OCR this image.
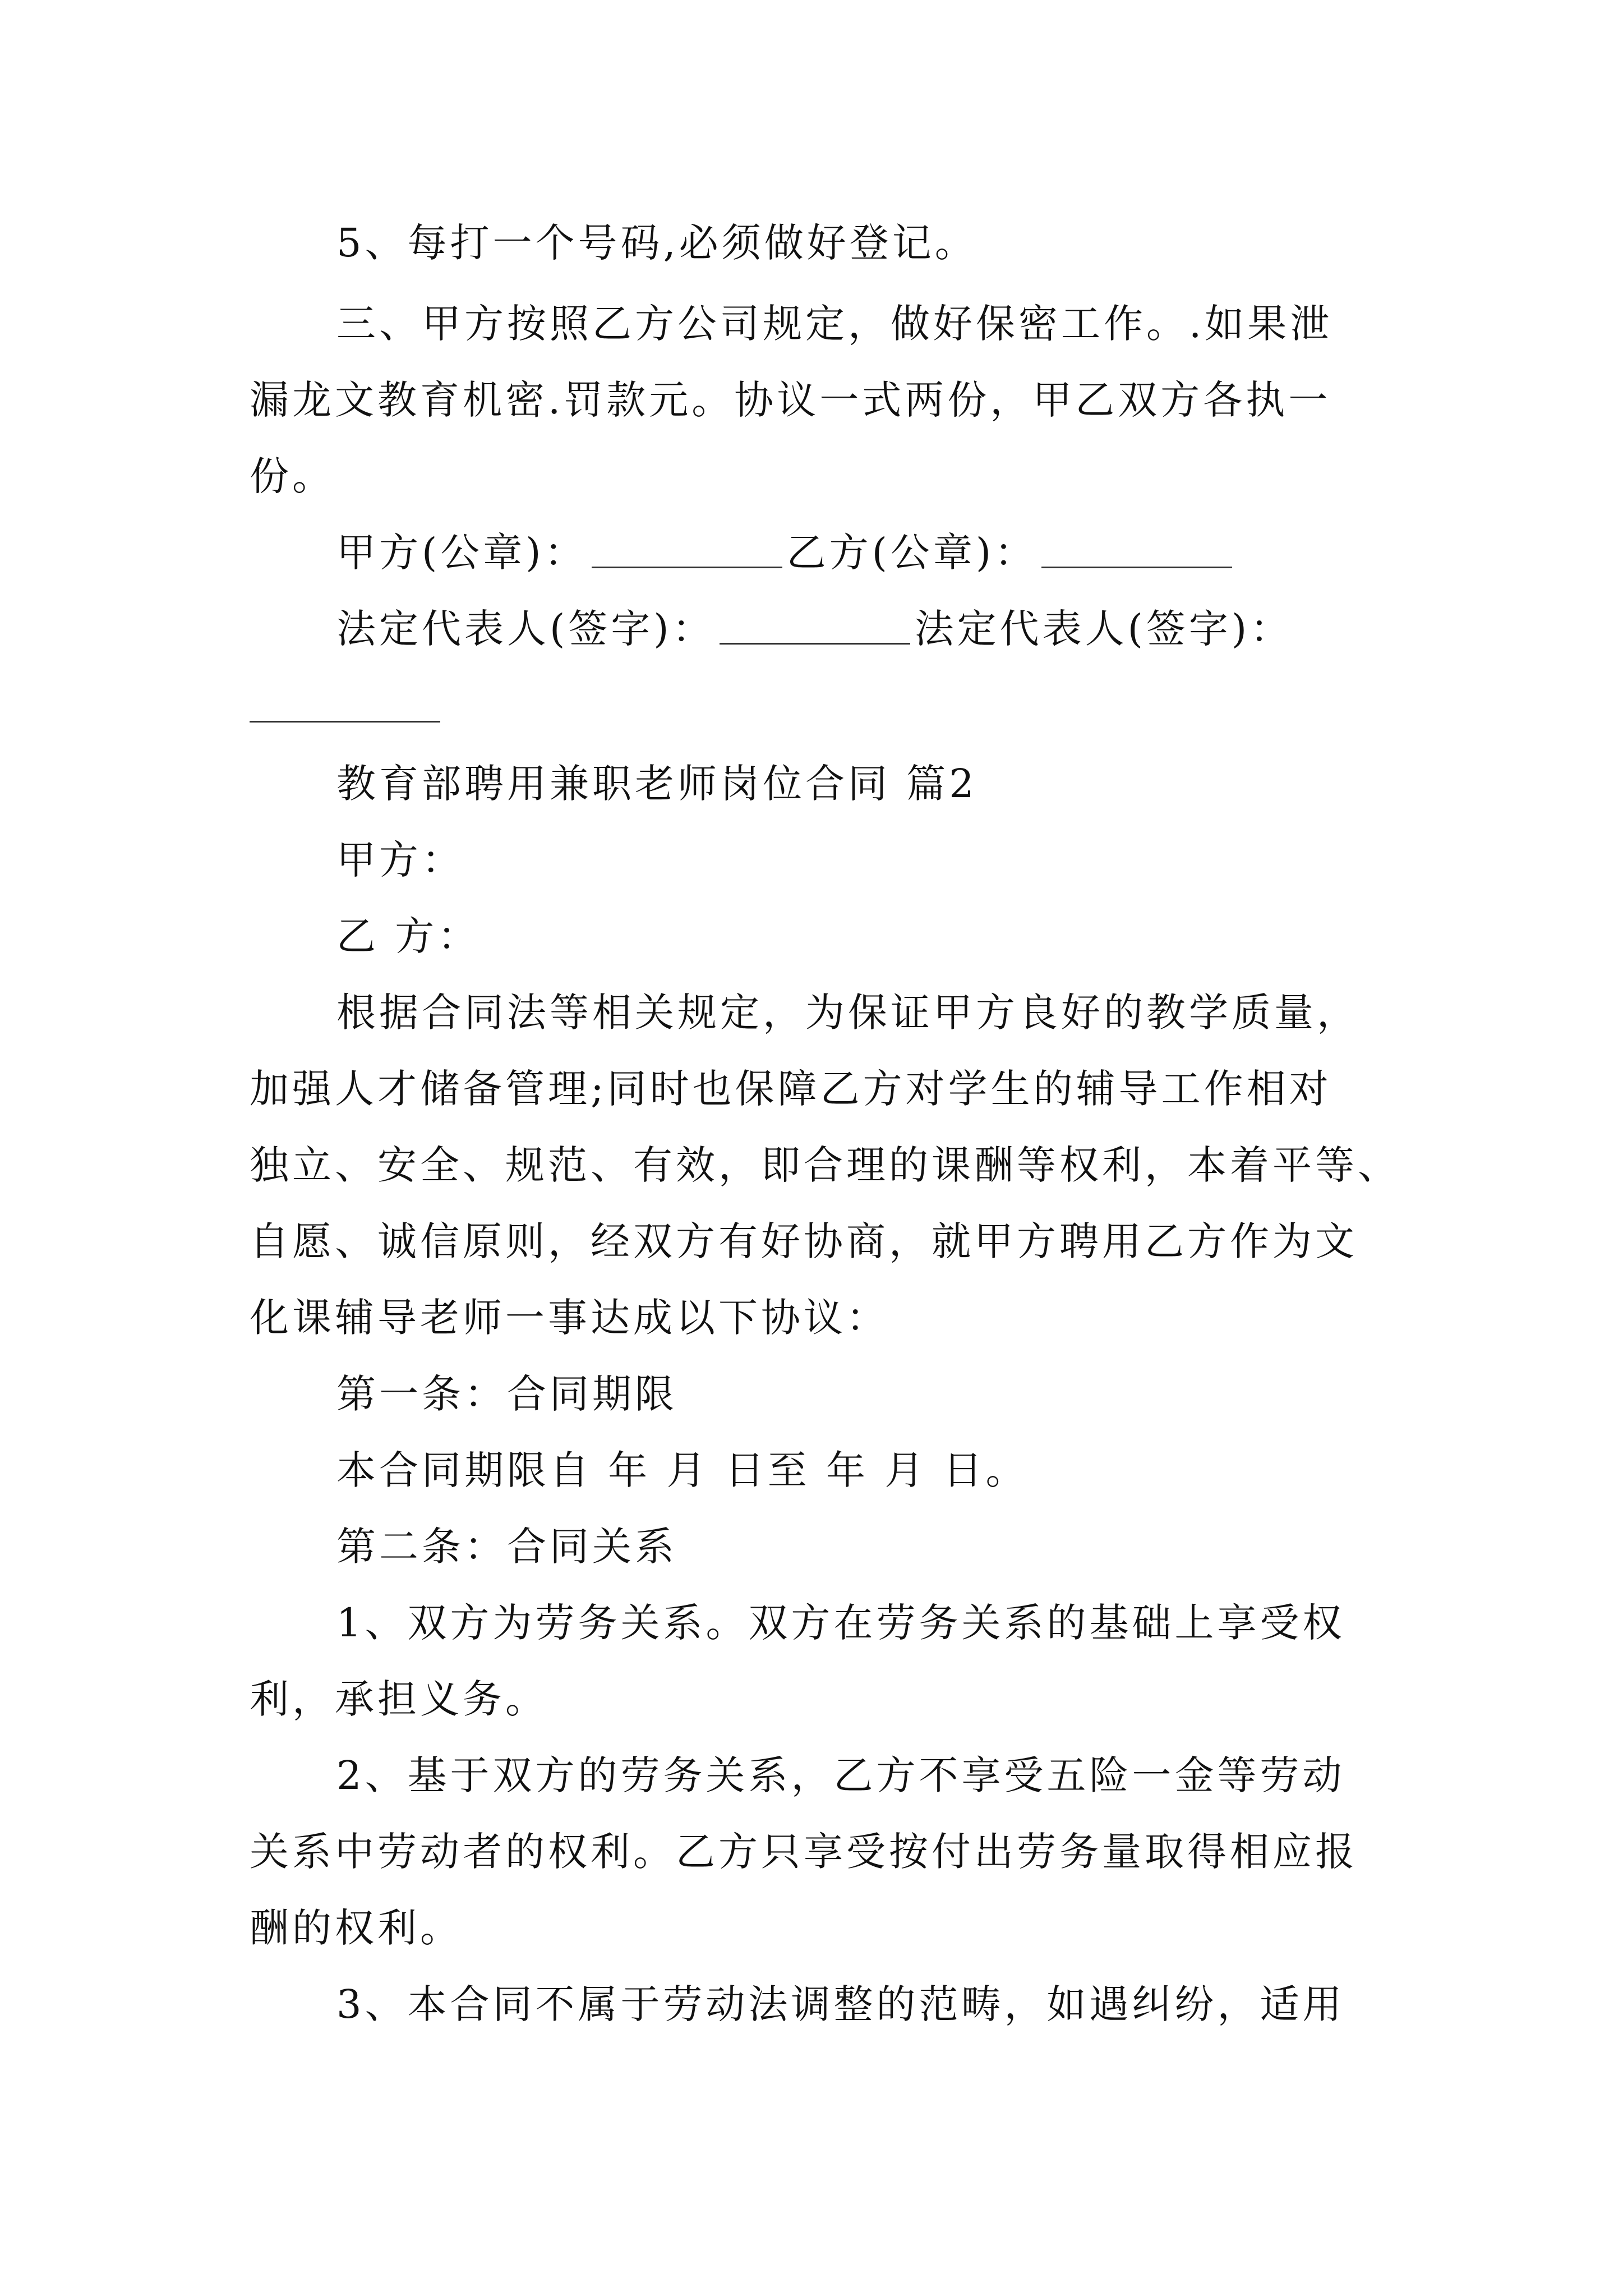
5、每打一个号码,必须做好登记。
三、甲方按照乙方公司规定，做好保密工作。.如果泄
漏龙文教育机密.罚款元。协议一式两份，甲乙双方各执一
份。
甲方(公章)：	乙方(公章)：
法定代表人(签字)：	法定代表人(签字)：
教育部聘用兼职老师岗位合同 篇2
甲方：
乙 方：
根据合同法等相关规定，为保证甲方良好的教学质量，
加强人才储备管理;同时也保障乙方对学生的辅导工作相对
独立、安全、规范、有效，即合理的课酬等权利，本着平等、
自愿、诚信原则，经双方有好协商，就甲方聘用乙方作为文
化课辅导老师一事达成以下协议：
第一条：合同期限
本合同期限自 年 月 日至 年 月 日。
第二条：合同关系
1、双方为劳务关系。双方在劳务关系的基础上享受权
利，承担义务。
2、基于双方的劳务关系，乙方不享受五险一金等劳动
关系中劳动者的权利。乙方只享受按付出劳务量取得相应报
酬的权利。
3、本合同不属于劳动法调整的范畴，如遇纠纷，适用
